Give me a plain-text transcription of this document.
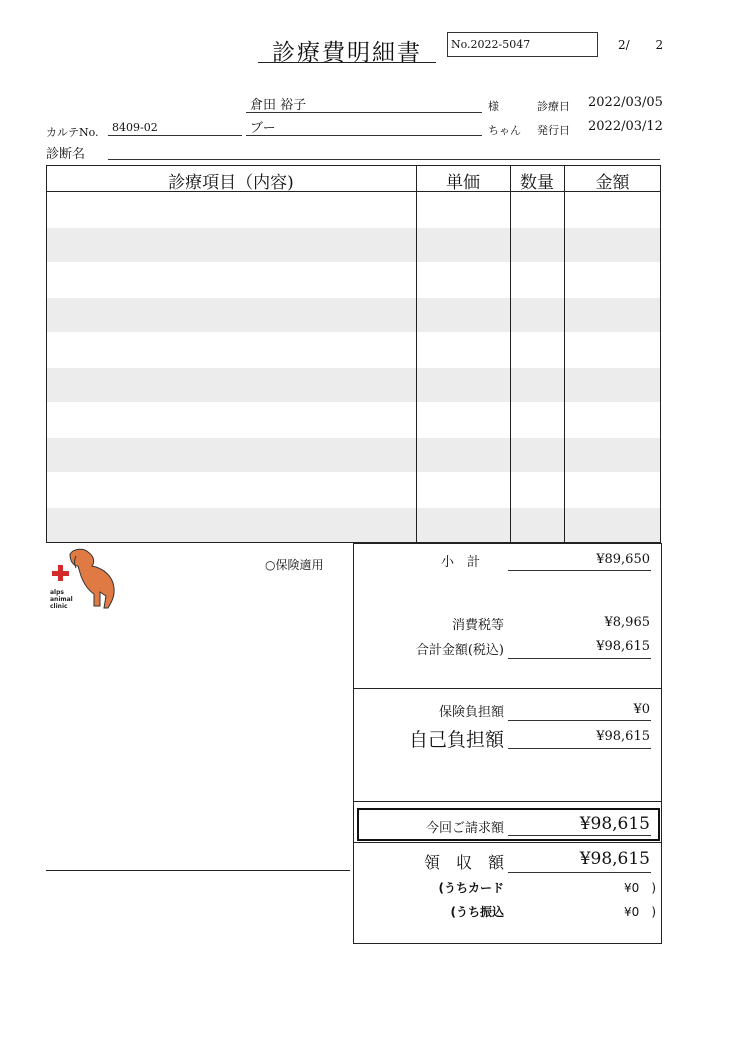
診療費明細書	No.2022-5047	2/ 2
倉田 裕子	様	診療日 2022/03/05
カルテNo. 8409-02	ブー	ちゃん 発行日 2022/03/12
診断名
診療項目（内容)	単価	数量	金額
alps
animal
clinic
○保険適用	小　計	¥89,650
消費税等	¥8,965
合計金額(税込)	¥98,615
保険負担額	¥0
自己負担額	¥98,615
今回ご請求額	¥98,615
領　収　額	¥98,615
(うちカード	¥0　)
(うち振込	¥0　)
